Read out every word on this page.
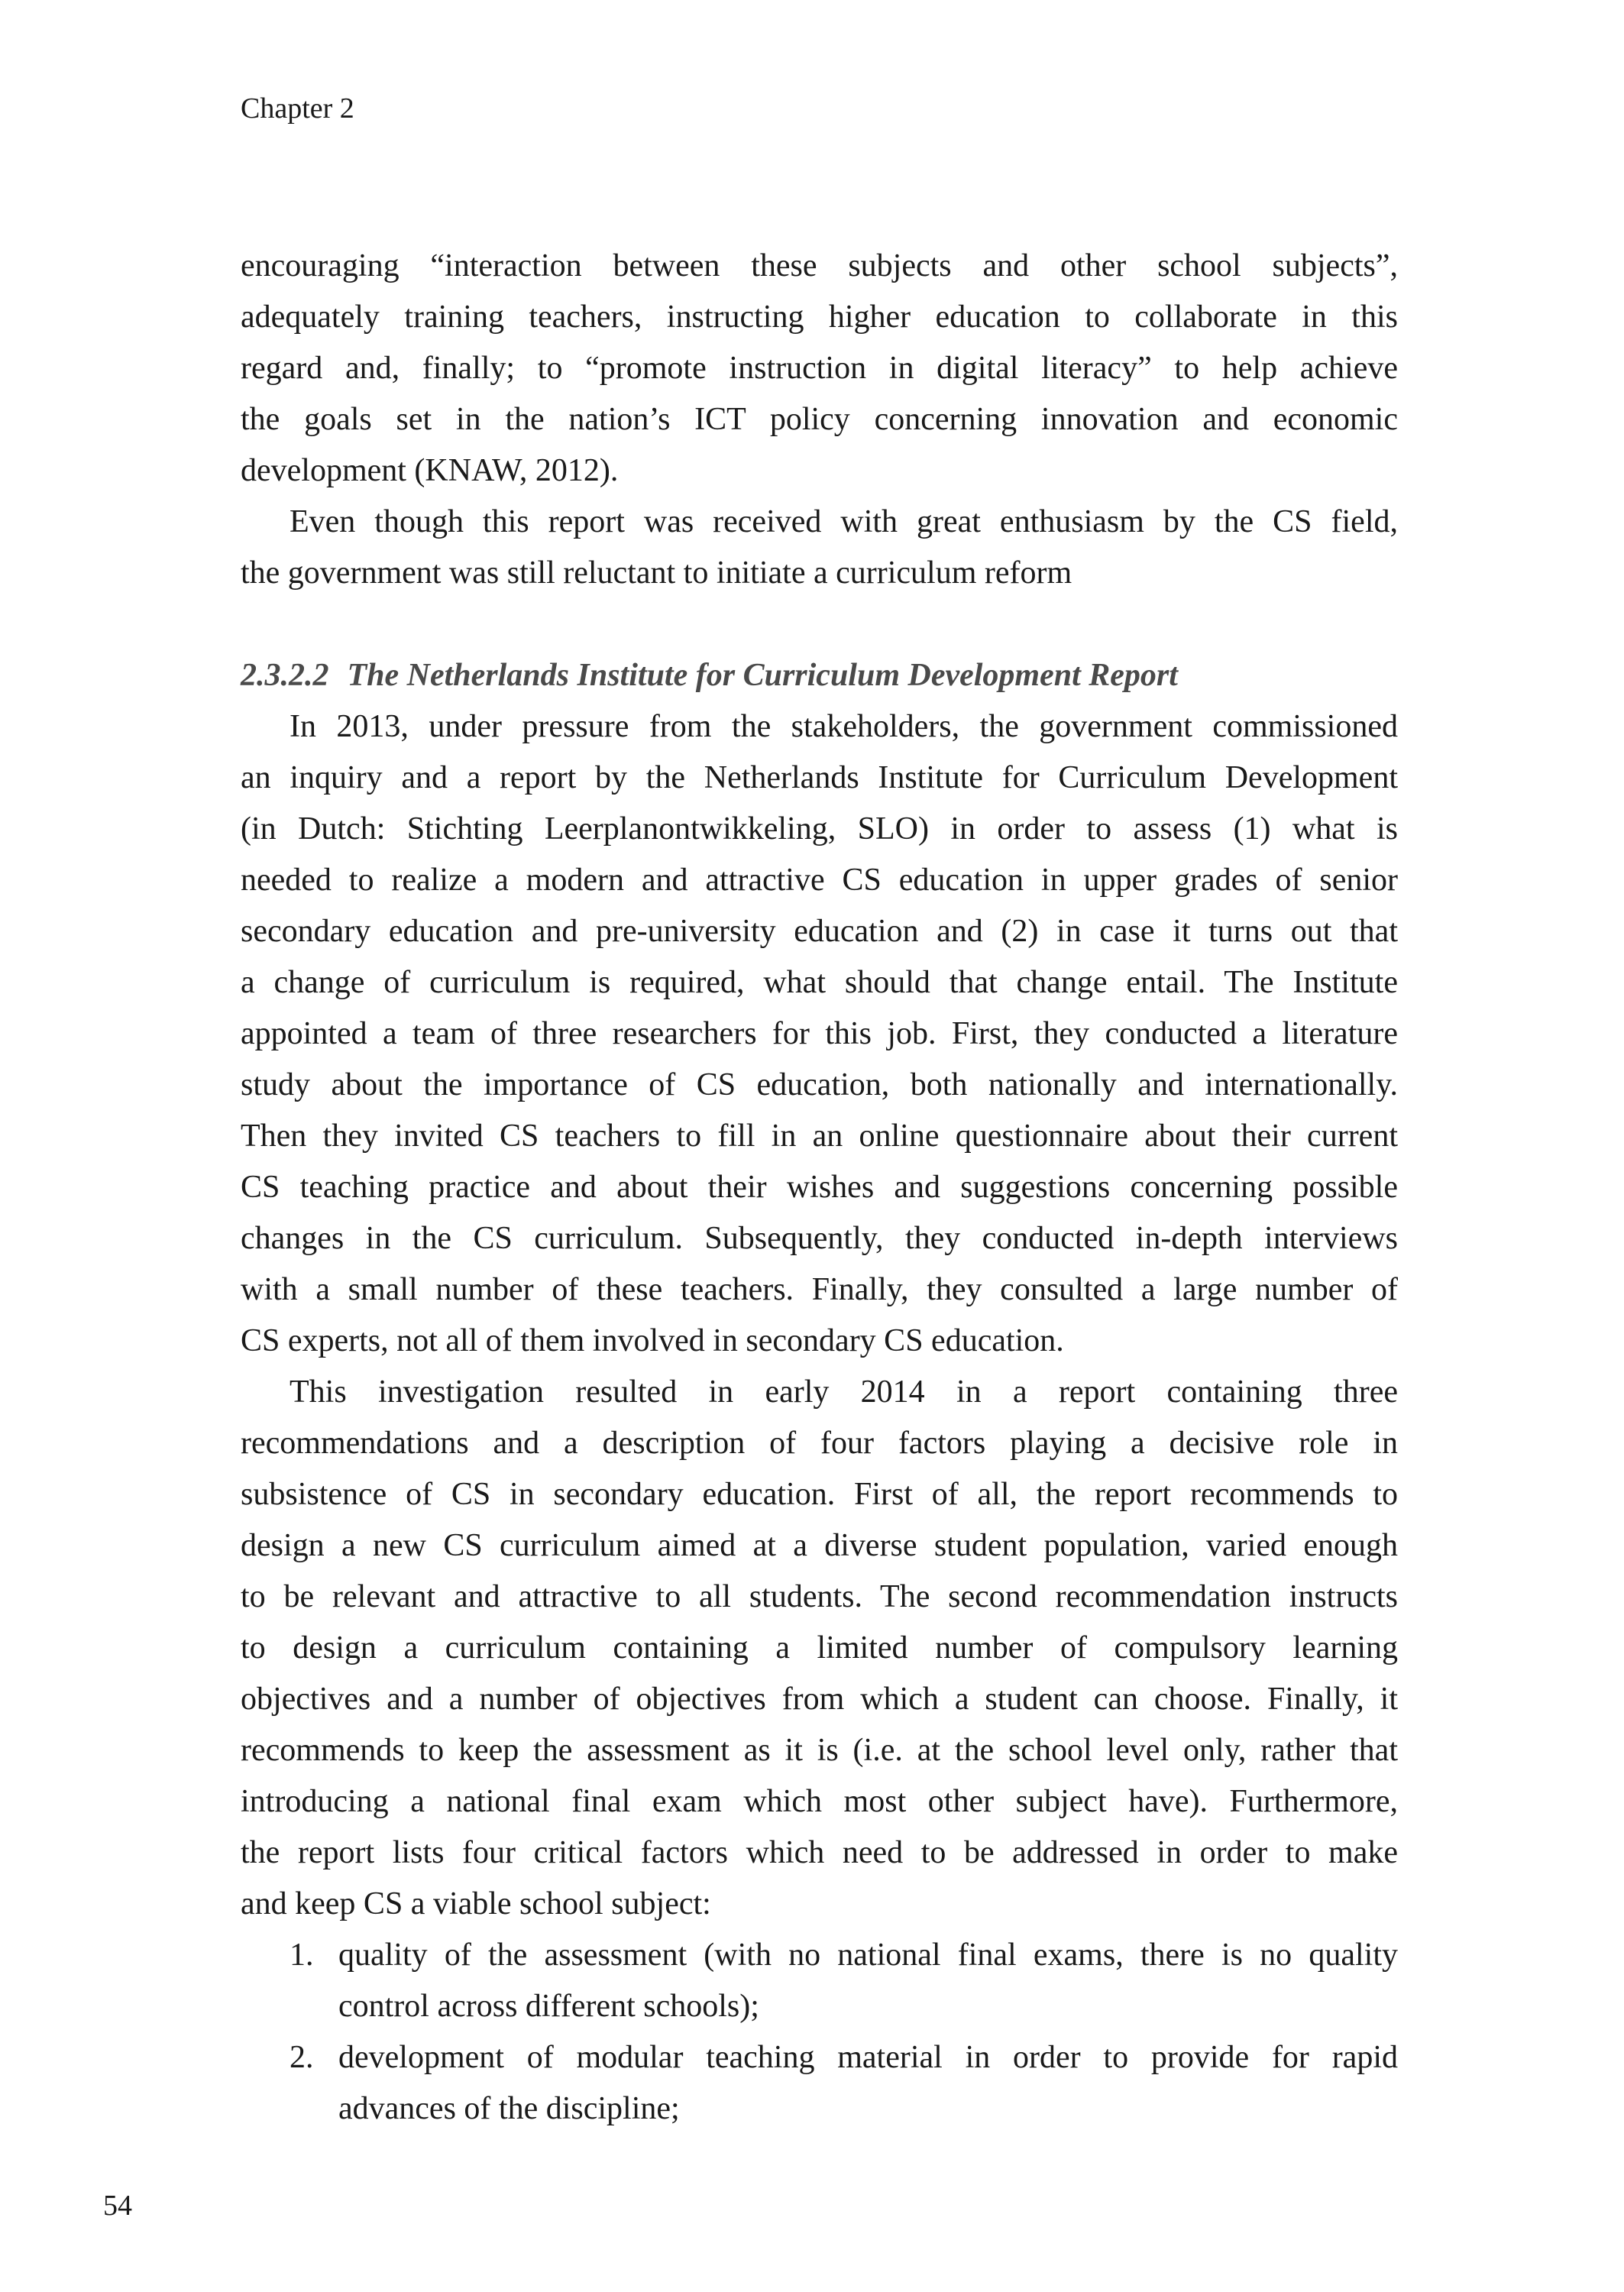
Chapter 2
encouraging “interaction between these subjects and other school subjects”,
adequately training teachers, instructing higher education to collaborate in this
regard and, finally; to “promote instruction in digital literacy” to help achieve
the goals set in the nation’s ICT policy concerning innovation and economic
development (KNAW, 2012).
Even though this report was received with great enthusiasm by the CS field,
the government was still reluctant to initiate a curriculum reform
2.3.2.2 The Netherlands Institute for Curriculum Development Report
In 2013, under pressure from the stakeholders, the government commissioned
an inquiry and a report by the Netherlands Institute for Curriculum Development
(in Dutch: Stichting Leerplanontwikkeling, SLO) in order to assess (1) what is
needed to realize a modern and attractive CS education in upper grades of senior
secondary education and pre-university education and (2) in case it turns out that
a change of curriculum is required, what should that change entail. The Institute
appointed a team of three researchers for this job. First, they conducted a literature
study about the importance of CS education, both nationally and internationally.
Then they invited CS teachers to fill in an online questionnaire about their current
CS teaching practice and about their wishes and suggestions concerning possible
changes in the CS curriculum. Subsequently, they conducted in-depth interviews
with a small number of these teachers. Finally, they consulted a large number of
CS experts, not all of them involved in secondary CS education.
This investigation resulted in early 2014 in a report containing three
recommendations and a description of four factors playing a decisive role in
subsistence of CS in secondary education. First of all, the report recommends to
design a new CS curriculum aimed at a diverse student population, varied enough
to be relevant and attractive to all students. The second recommendation instructs
to design a curriculum containing a limited number of compulsory learning
objectives and a number of objectives from which a student can choose. Finally, it
recommends to keep the assessment as it is (i.e. at the school level only, rather that
introducing a national final exam which most other subject have). Furthermore,
the report lists four critical factors which need to be addressed in order to make
and keep CS a viable school subject:
1. quality of the assessment (with no national final exams, there is no quality
control across different schools);
2. development of modular teaching material in order to provide for rapid
advances of the discipline;
54
